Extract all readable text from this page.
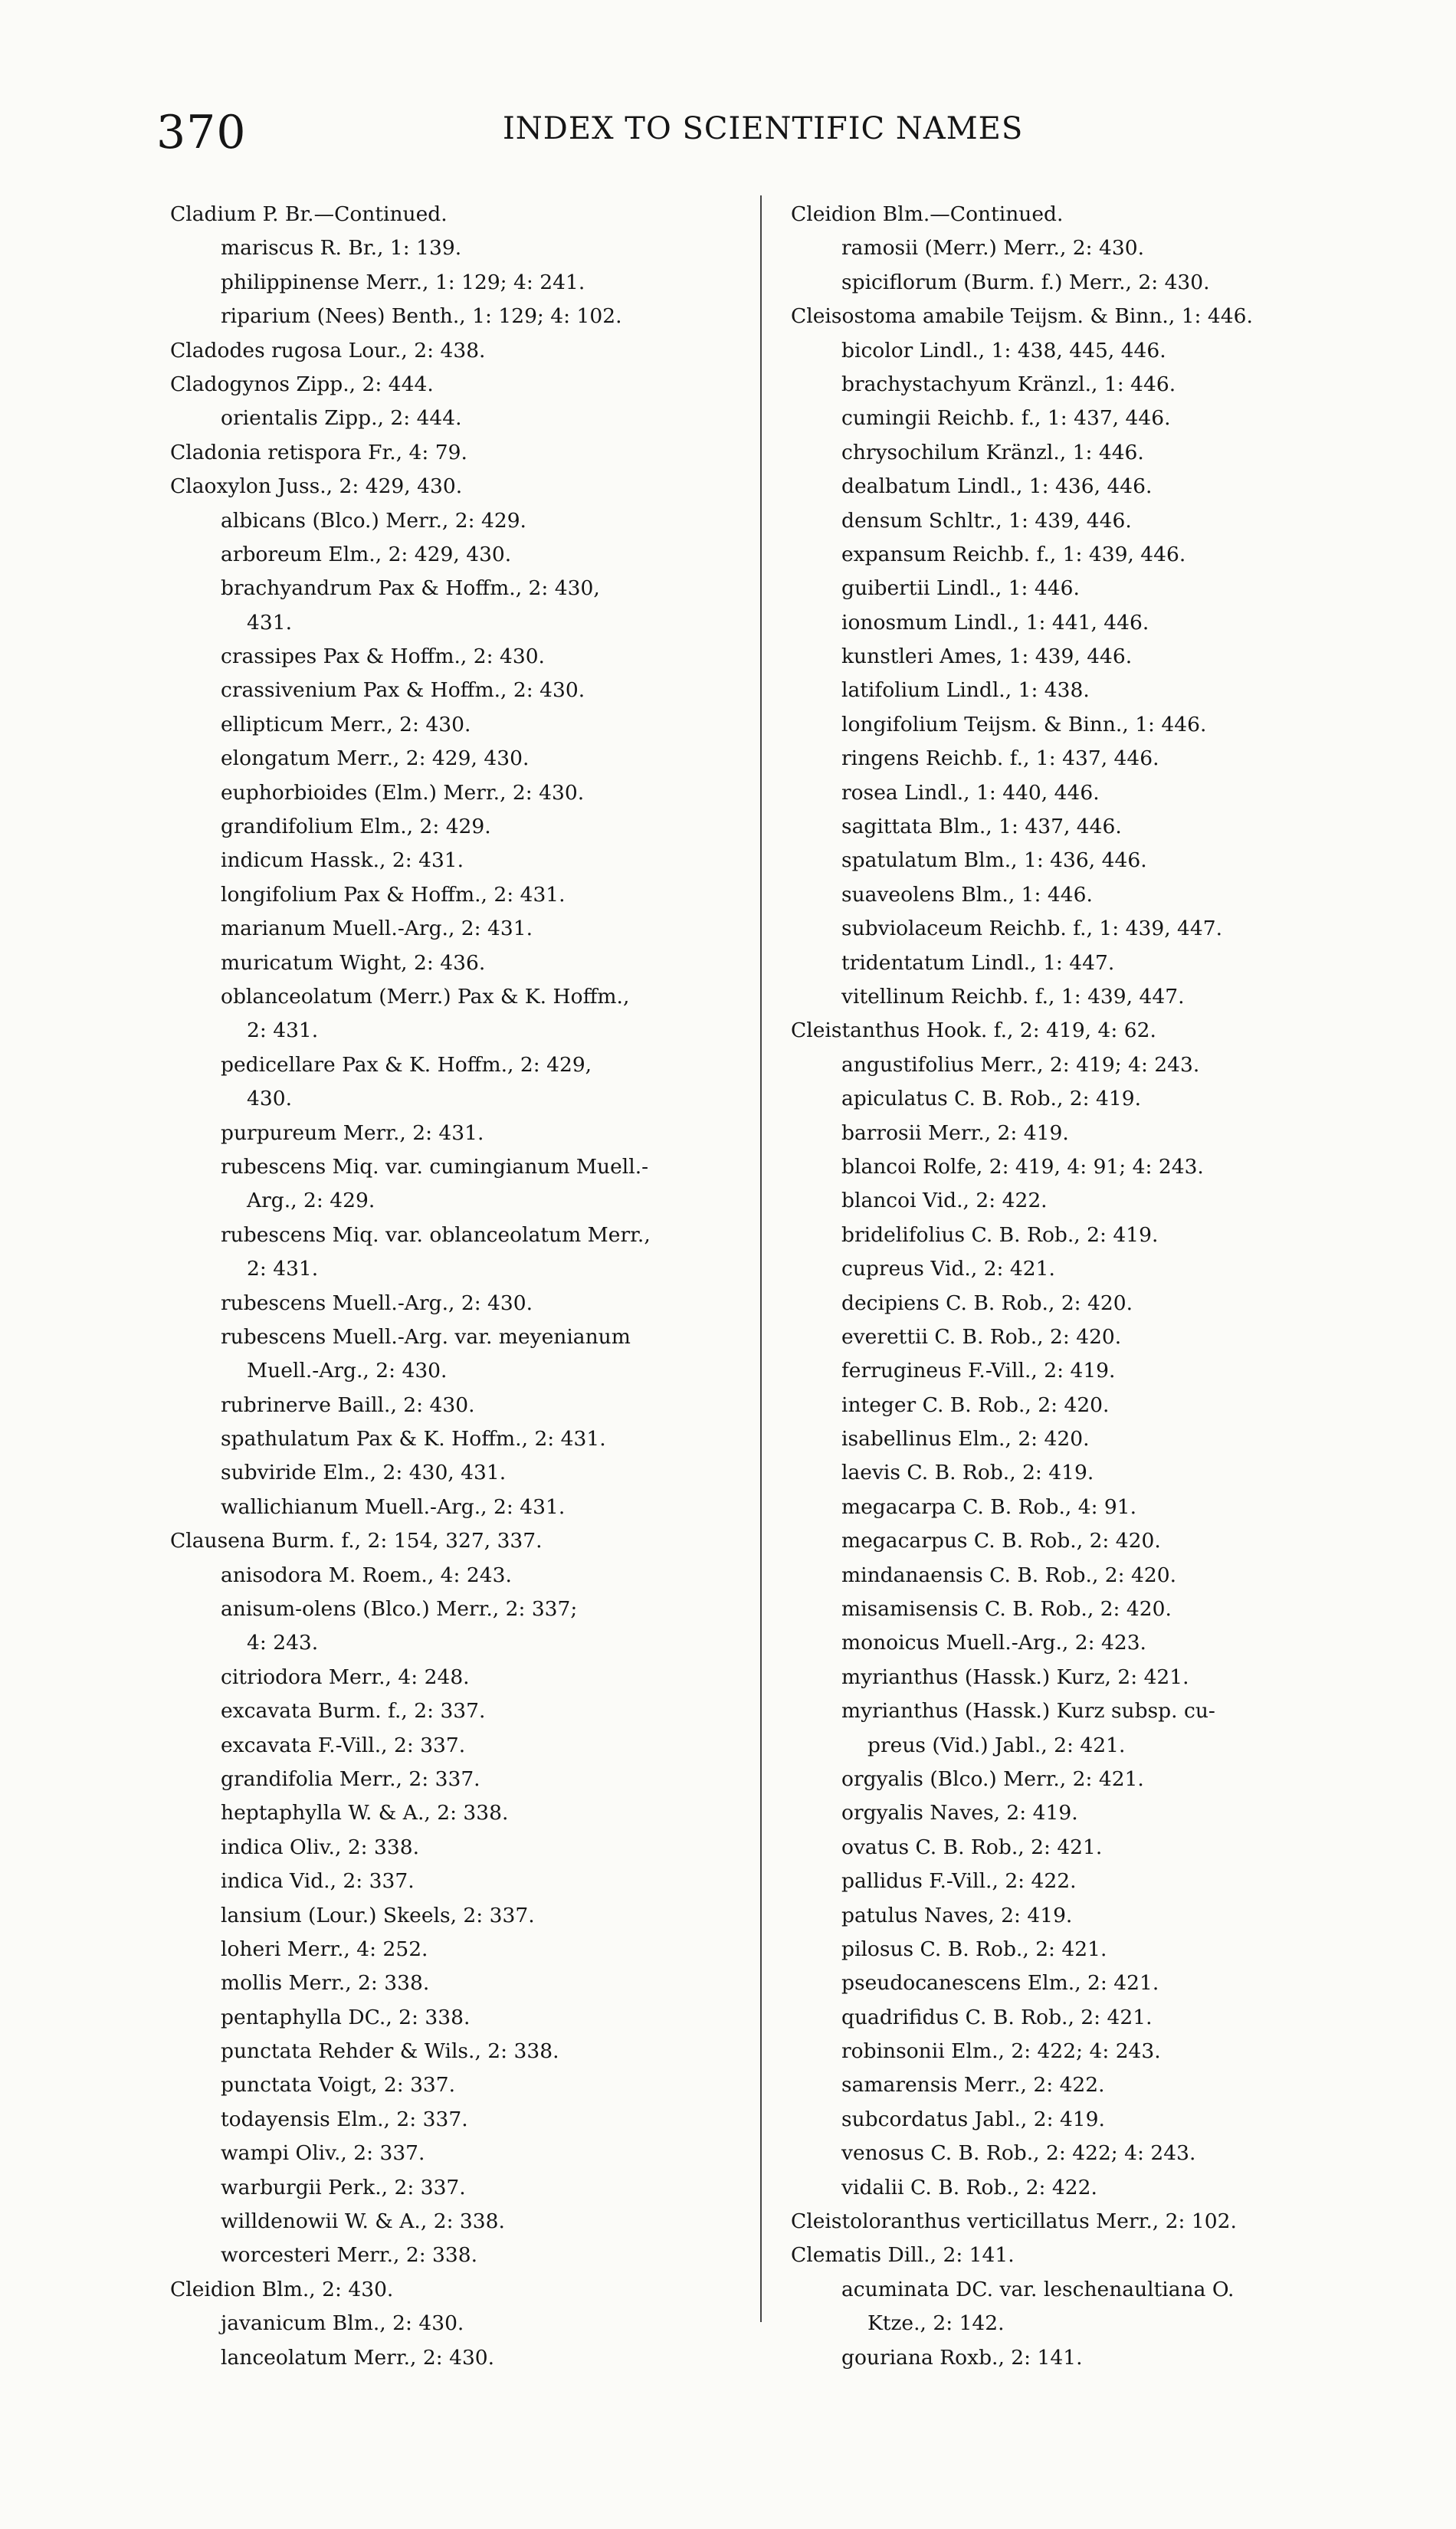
370	INDEX TO SCIENTIFIC NAMES
Cladium P. Br.—Continued.
mariscus R. Br., 1: 139.
philippinense Merr., 1: 129; 4: 241.
riparium (Nees) Benth., 1: 129; 4: 102.
Cladodes rugosa Lour., 2: 438.
Cladogynos Zipp., 2: 444.
orientalis Zipp., 2: 444.
Cladonia retispora Fr., 4: 79.
Claoxylon Juss., 2: 429, 430.
albicans (Blco.) Merr., 2: 429.
arboreum Elm., 2: 429, 430.
brachyandrum Pax & Hoffm., 2: 430,
431.
crassipes Pax & Hoffm., 2: 430.
crassivenium Pax & Hoffm., 2: 430.
ellipticum Merr., 2: 430.
elongatum Merr., 2: 429, 430.
euphorbioides (Elm.) Merr., 2: 430.
grandifolium Elm., 2: 429.
indicum Hassk., 2: 431.
longifolium Pax & Hoffm., 2: 431.
marianum Muell.-Arg., 2: 431.
muricatum Wight, 2: 436.
oblanceolatum (Merr.) Pax & K. Hoffm.,
2: 431.
pedicellare Pax & K. Hoffm., 2: 429,
430.
purpureum Merr., 2: 431.
rubescens Miq. var. cumingianum Muell.-
Arg., 2: 429.
rubescens Miq. var. oblanceolatum Merr.,
2: 431.
rubescens Muell.-Arg., 2: 430.
rubescens Muell.-Arg. var. meyenianum
Muell.-Arg., 2: 430.
rubrinerve Baill., 2: 430.
spathulatum Pax & K. Hoffm., 2: 431.
subviride Elm., 2: 430, 431.
wallichianum Muell.-Arg., 2: 431.
Clausena Burm. f., 2: 154, 327, 337.
anisodora M. Roem., 4: 243.
anisum-olens (Blco.) Merr., 2: 337;
4: 243.
citriodora Merr., 4: 248.
excavata Burm. f., 2: 337.
excavata F.-Vill., 2: 337.
grandifolia Merr., 2: 337.
heptaphylla W. & A., 2: 338.
indica Oliv., 2: 338.
indica Vid., 2: 337.
lansium (Lour.) Skeels, 2: 337.
loheri Merr., 4: 252.
mollis Merr., 2: 338.
pentaphylla DC., 2: 338.
punctata Rehder & Wils., 2: 338.
punctata Voigt, 2: 337.
todayensis Elm., 2: 337.
wampi Oliv., 2: 337.
warburgii Perk., 2: 337.
willdenowii W. & A., 2: 338.
worcesteri Merr., 2: 338.
Cleidion Blm., 2: 430.
javanicum Blm., 2: 430.
lanceolatum Merr., 2: 430.
Cleidion Blm.—Continued.
ramosii (Merr.) Merr., 2: 430.
spiciflorum (Burm. f.) Merr., 2: 430.
Cleisostoma amabile Teijsm. & Binn., 1: 446.
bicolor Lindl., 1: 438, 445, 446.
brachystachyum Kränzl., 1: 446.
cumingii Reichb. f., 1: 437, 446.
chrysochilum Kränzl., 1: 446.
dealbatum Lindl., 1: 436, 446.
densum Schltr., 1: 439, 446.
expansum Reichb. f., 1: 439, 446.
guibertii Lindl., 1: 446.
ionosmum Lindl., 1: 441, 446.
kunstleri Ames, 1: 439, 446.
latifolium Lindl., 1: 438.
longifolium Teijsm. & Binn., 1: 446.
ringens Reichb. f., 1: 437, 446.
rosea Lindl., 1: 440, 446.
sagittata Blm., 1: 437, 446.
spatulatum Blm., 1: 436, 446.
suaveolens Blm., 1: 446.
subviolaceum Reichb. f., 1: 439, 447.
tridentatum Lindl., 1: 447.
vitellinum Reichb. f., 1: 439, 447.
Cleistanthus Hook. f., 2: 419, 4: 62.
angustifolius Merr., 2: 419; 4: 243.
apiculatus C. B. Rob., 2: 419.
barrosii Merr., 2: 419.
blancoi Rolfe, 2: 419, 4: 91; 4: 243.
blancoi Vid., 2: 422.
bridelifolius C. B. Rob., 2: 419.
cupreus Vid., 2: 421.
decipiens C. B. Rob., 2: 420.
everettii C. B. Rob., 2: 420.
ferrugineus F.-Vill., 2: 419.
integer C. B. Rob., 2: 420.
isabellinus Elm., 2: 420.
laevis C. B. Rob., 2: 419.
megacarpa C. B. Rob., 4: 91.
megacarpus C. B. Rob., 2: 420.
mindanaensis C. B. Rob., 2: 420.
misamisensis C. B. Rob., 2: 420.
monoicus Muell.-Arg., 2: 423.
myrianthus (Hassk.) Kurz, 2: 421.
myrianthus (Hassk.) Kurz subsp. cu-
preus (Vid.) Jabl., 2: 421.
orgyalis (Blco.) Merr., 2: 421.
orgyalis Naves, 2: 419.
ovatus C. B. Rob., 2: 421.
pallidus F.-Vill., 2: 422.
patulus Naves, 2: 419.
pilosus C. B. Rob., 2: 421.
pseudocanescens Elm., 2: 421.
quadrifidus C. B. Rob., 2: 421.
robinsonii Elm., 2: 422; 4: 243.
samarensis Merr., 2: 422.
subcordatus Jabl., 2: 419.
venosus C. B. Rob., 2: 422; 4: 243.
vidalii C. B. Rob., 2: 422.
Cleistoloranthus verticillatus Merr., 2: 102.
Clematis Dill., 2: 141.
acuminata DC. var. leschenaultiana O.
Ktze., 2: 142.
gouriana Roxb., 2: 141.
